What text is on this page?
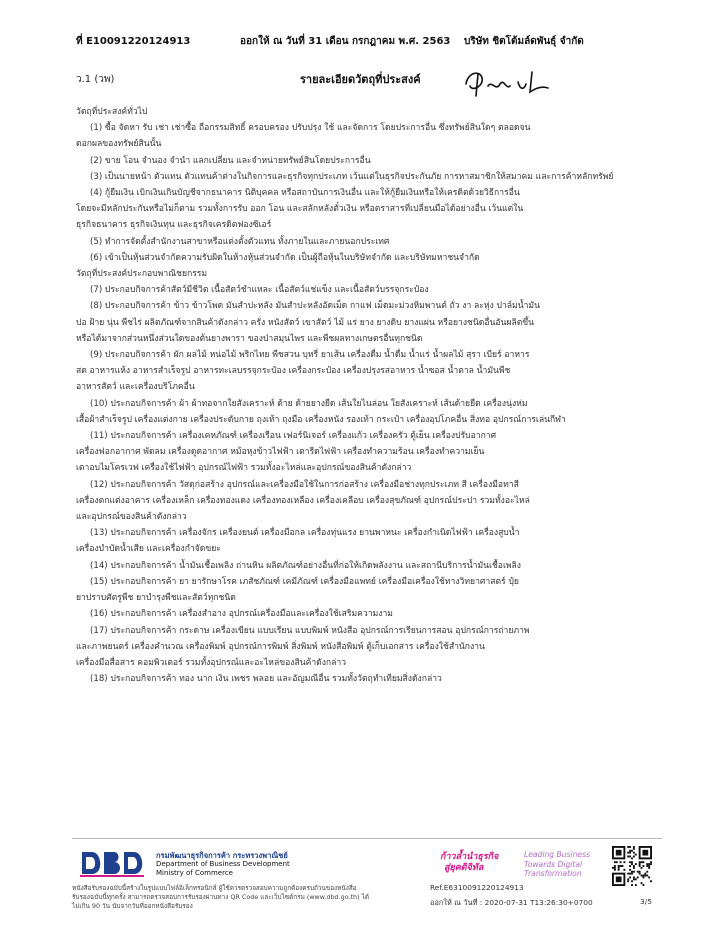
ที่ E10091220124913	ออกให้ ณ วันที่ 31 เดือน กรกฎาคม พ.ศ. 2563 บริษัท ชิตโต้มล์ดพันธุ์ จำกัด
ว.1 (วพ)	รายละเอียดวัตถุที่ประสงค์

วัตถุที่ประสงค์ทั่วไป

(1) ซื้อ จัดหา รับ เช่า เช่าซื้อ ถือกรรมสิทธิ์ ครอบครอง ปรับปรุง ใช้ และจัดการ โดยประการอื่น ซึ่งทรัพย์สินใดๆ ตลอดจน

ดอกผลของทรัพย์สินนั้น

(2) ขาย โอน จำนอง จำนำ แลกเปลี่ยน และจำหน่ายทรัพย์สินโดยประการอื่น

(3) เป็นนายหน้า ตัวแทน ตัวแทนค้าต่างในกิจการและธุรกิจทุกประเภท เว้นแต่ในธุรกิจประกันภัย การหาสมาชิกให้สมาคม และการค้าหลักทรัพย์

(4) กู้ยืมเงิน เบิกเงินเกินบัญชีจากธนาคาร นิติบุคคล หรือสถาบันการเงินอื่น และให้กู้ยืมเงินหรือให้เครดิตด้วยวิธีการอื่น

โดยจะมีหลักประกันหรือไม่ก็ตาม รวมทั้งการรับ ออก โอน และสลักหลังตั๋วเงิน หรือตราสารที่เปลี่ยนมือได้อย่างอื่น เว้นแต่ใน

ธุรกิจธนาคาร ธุรกิจเงินทุน และธุรกิจเครดิตฟองซิเอร์

(5) ทำการจัดตั้งสำนักงานสาขาหรือแต่งตั้งตัวแทน ทั้งภายในและภายนอกประเทศ

(6) เข้าเป็นหุ้นส่วนจำกัดความรับผิดในห้างหุ้นส่วนจำกัด เป็นผู้ถือหุ้นในบริษัทจำกัด และบริษัทมหาชนจำกัด

วัตถุที่ประสงค์ประกอบพาณิชยกรรม

(7) ประกอบกิจการค้าสัตว์มีชีวิต เนื้อสัตว์ชำแหละ เนื้อสัตว์แช่แข็ง และเนื้อสัตว์บรรจุกระป๋อง

(8) ประกอบกิจการค้า ข้าว ข้าวโพด มันสำปะหลัง มันสำปะหลังอัดเม็ด กาแฟ เม็ดมะม่วงหิมพานต์ ถั่ว งา ละหุ่ง ปาล์มน้ำมัน

ปอ ฝ้าย นุ่น พืชไร่ ผลิตภัณฑ์จากสินค้าดังกล่าว ครั่ง หนังสัตว์ เขาสัตว์ ไม้ แร่ ยาง ยางดิบ ยางแผ่น หรือยางชนิดอื่นอันผลิตขึ้น

หรือได้มาจากส่วนหนึ่งส่วนใดของต้นยางพารา ของป่าสมุนไพร และพืชผลทางเกษตรอื่นทุกชนิด

(9) ประกอบกิจการค้า ผัก ผลไม้ หน่อไม้ พริกไทย พืชสวน บุหรี่ ยาเส้น เครื่องดื่ม น้ำดื่ม น้ำแร่ น้ำผลไม้ สุรา เบียร์ อาหาร

สด อาหารแห้ง อาหารสำเร็จรูป อาหารทะเลบรรจุกระป๋อง เครื่องกระป๋อง เครื่องปรุงรสอาหาร น้ำซอส น้ำตาล น้ำมันพืช

อาหารสัตว์ และเครื่องบริโภคอื่น

(10) ประกอบกิจการค้า ผ้า ผ้าทอจากใยสังเคราะห์ ด้าย ด้ายยางยืด เส้นใยไนล่อน ใยสังเคราะห์ เส้นด้ายยืด เครื่องนุ่งห่ม

เสื้อผ้าสำเร็จรูป เครื่องแต่งกาย เครื่องประดับกาย ถุงเท้า ถุงมือ เครื่องหนัง รองเท้า กระเป๋า เครื่องอุปโภคอื่น สิ่งทอ อุปกรณ์การเล่นกีฬา

(11) ประกอบกิจการค้า เครื่องเคหภัณฑ์ เครื่องเรือน เฟอร์นิเจอร์ เครื่องแก้ว เครื่องครัว ตู้เย็น เครื่องปรับอากาศ

เครื่องฟอกอากาศ พัดลม เครื่องดูดอากาศ หม้อหุงข้าวไฟฟ้า เตารีดไฟฟ้า เครื่องทำความร้อน เครื่องทำความเย็น

เตาอบไมโครเวฟ เครื่องใช้ไฟฟ้า อุปกรณ์ไฟฟ้า รวมทั้งอะไหล่และอุปกรณ์ของสินค้าดังกล่าว

(12) ประกอบกิจการค้า วัสดุก่อสร้าง อุปกรณ์และเครื่องมือใช้ในการก่อสร้าง เครื่องมือช่างทุกประเภท สี เครื่องมือทาสี

เครื่องตกแต่งอาคาร เครื่องเหล็ก เครื่องทองแดง เครื่องทองเหลือง เครื่องเคลือบ เครื่องสุขภัณฑ์ อุปกรณ์ประปา รวมทั้งอะไหล่

และอุปกรณ์ของสินค้าดังกล่าว

(13) ประกอบกิจการค้า เครื่องจักร เครื่องยนต์ เครื่องมือกล เครื่องทุ่นแรง ยานพาหนะ เครื่องกำเนิดไฟฟ้า เครื่องสูบน้ำ

เครื่องบำบัดน้ำเสีย และเครื่องกำจัดขยะ

(14) ประกอบกิจการค้า น้ำมันเชื้อเพลิง ถ่านหิน ผลิตภัณฑ์อย่างอื่นที่ก่อให้เกิดพลังงาน และสถานีบริการน้ำมันเชื้อเพลิง

(15) ประกอบกิจการค้า ยา ยารักษาโรค เภสัชภัณฑ์ เคมีภัณฑ์ เครื่องมือแพทย์ เครื่องมือเครื่องใช้ทางวิทยาศาสตร์ ปุ๋ย

ยาปราบศัตรูพืช ยาบำรุงพืชและสัตว์ทุกชนิด

(16) ประกอบกิจการค้า เครื่องสำอาง อุปกรณ์เครื่องมือและเครื่องใช้เสริมความงาม

(17) ประกอบกิจการค้า กระดาษ เครื่องเขียน แบบเรียน แบบพิมพ์ หนังสือ อุปกรณ์การเรียนการสอน อุปกรณ์การถ่ายภาพ

และภาพยนตร์ เครื่องคำนวณ เครื่องพิมพ์ อุปกรณ์การพิมพ์ สิ่งพิมพ์ หนังสือพิมพ์ ตู้เก็บเอกสาร เครื่องใช้สำนักงาน

เครื่องมือสื่อสาร คอมพิวเตอร์ รวมทั้งอุปกรณ์และอะไหล่ของสินค้าดังกล่าว

(18) ประกอบกิจการค้า ทอง นาก เงิน เพชร พลอย และอัญมณีอื่น รวมทั้งวัตถุทำเทียมสิ่งดังกล่าว

กรมพัฒนาธุรกิจการค้า กระทรวงพาณิชย์
Department of Business Development
Ministry of Commerce
ก้าวล้ำนำธุรกิจ
สู่ยุคดิจิทัล
Leading Business
Towards Digital
Transformation
หนังสือรับรองฉบับนี้สร้างในรูปแบบไฟล์อิเล็กทรอนิกส์ ผู้ใช้ควรตรวจสอบความถูกต้องครบถ้วนของหนังสือรับรองฉบับนี้ทุกครั้ง สามารถตรวจสอบการรับรองผ่านทาง QR Code และเว็บไซต์กรม (www.dbd.go.th) ได้ไม่เกิน 90 วัน นับจากวันที่ออกหนังสือรับรอง
Ref.E6310091220124913
ออกให้ ณ วันที่ : 2020-07-31 T13:26:30+0700	3/5
